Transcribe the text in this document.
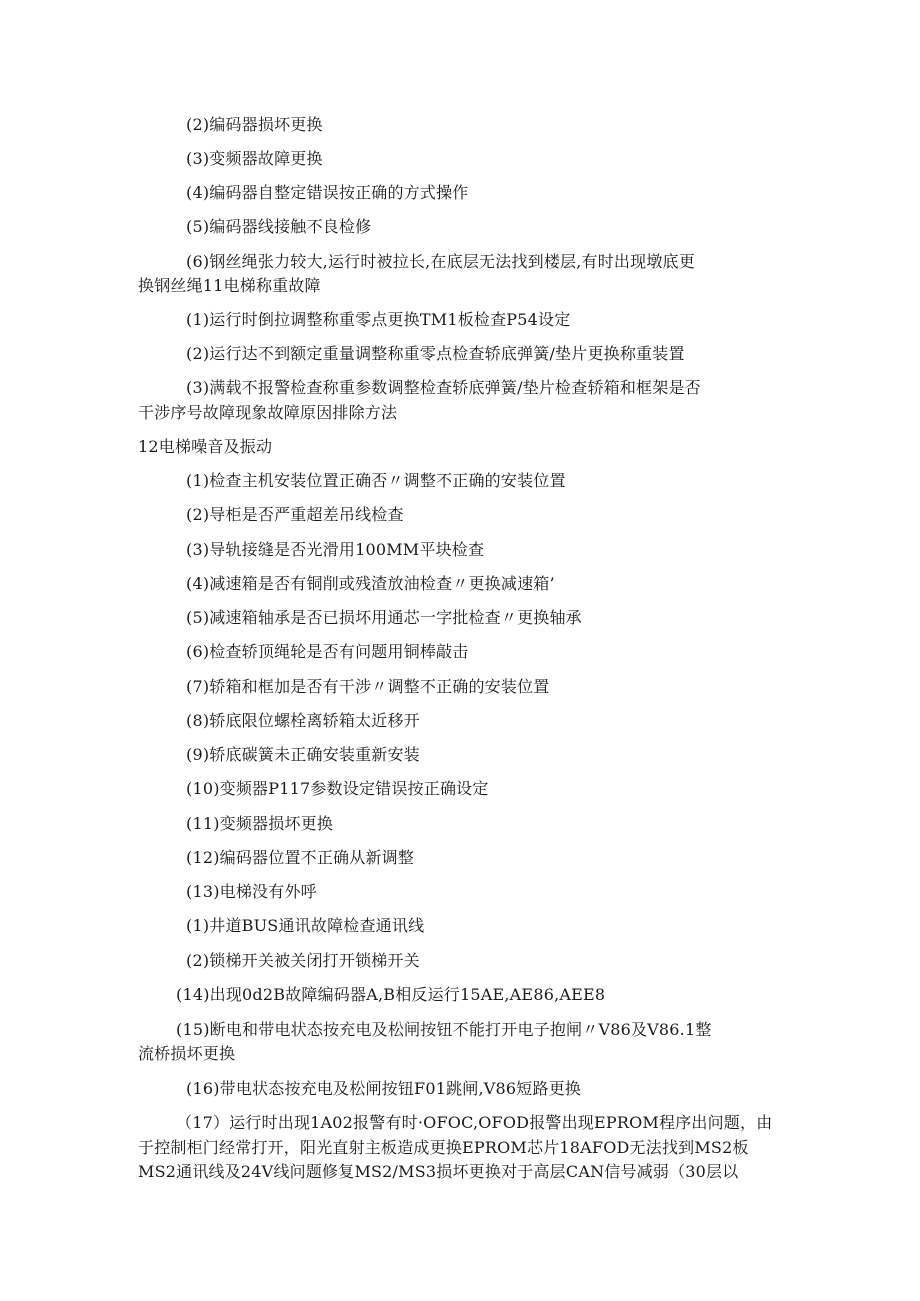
(2)编码器损坏更换
(3)变频器故障更换
(4)编码器自整定错误按正确的方式操作
(5)编码器线接触不良检修
(6)钢丝绳张力较大,运行时被拉长,在底层无法找到楼层,有时出现墩底更
换钢丝绳11电梯称重故障
(1)运行时倒拉调整称重零点更换TM1板检查P54设定
(2)运行达不到额定重量调整称重零点检查轿底弹簧/垫片更换称重装置
(3)满载不报警检查称重参数调整检查轿底弹簧/垫片检查轿箱和框架是否
干涉序号故障现象故障原因排除方法
12电梯噪音及振动
(1)检查主机安装位置正确否〃调整不正确的安装位置
(2)导柜是否严重超差吊线检查
(3)导轨接缝是否光滑用100MM平块检查
(4)减速箱是否有铜削或残渣放油检查〃更换减速箱’
(5)减速箱轴承是否已损坏用通芯一字批检查〃更换轴承
(6)检查轿顶绳轮是否有问题用铜棒敲击
(7)轿箱和框加是否有干涉〃调整不正确的安装位置
(8)轿底限位螺栓离轿箱太近移开
(9)轿底碳簧未正确安装重新安装
(10)变频器P117参数设定错误按正确设定
(11)变频器损坏更换
(12)编码器位置不正确从新调整
(13)电梯没有外呼
(1)井道BUS通讯故障检查通讯线
(2)锁梯开关被关闭打开锁梯开关
(14)出现0d2B故障编码器A,B相反运行15AE,AE86,AEE8
(15)断电和带电状态按充电及松闸按钮不能打开电子抱闸〃V86及V86.1整
流桥损坏更换
(16)带电状态按充电及松闸按钮F01跳闸,V86短路更换
（17）运行时出现1A02报警有时·OFOC,OFOD报警出现EPROM程序出问题，由
于控制柜门经常打开，阳光直射主板造成更换EPROM芯片18AFOD无法找到MS2板
MS2通讯线及24V线问题修复MS2/MS3损坏更换对于高层CAN信号减弱（30层以
